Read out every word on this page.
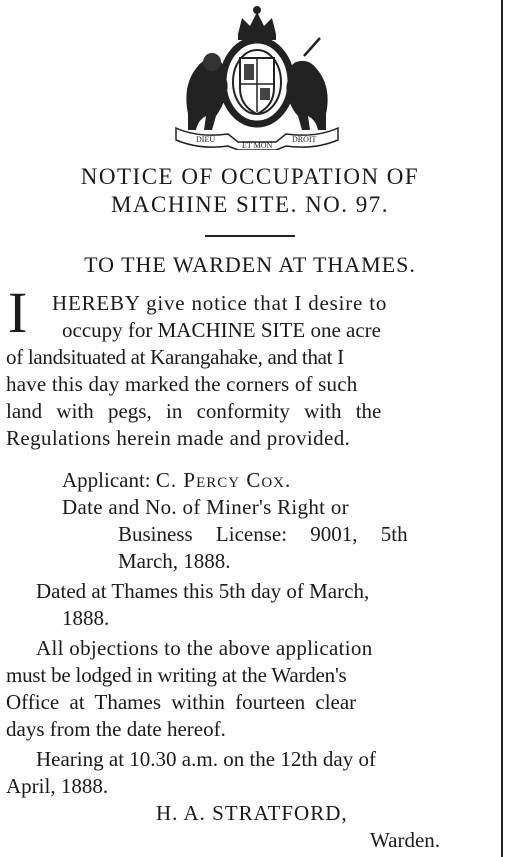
DIEU
ET MON
DROIT
NOTICE OF OCCUPATION OF
MACHINE SITE. NO. 97.
TO THE WARDEN AT THAMES.
I HEREBY give notice that I desire to
occupy for MACHINE SITE one acre
of landsituated at Karangahake, and that I
have this day marked the corners of such
land with pegs, in conformity with the
Regulations herein made and provided.
Applicant: C. Percy Cox.
Date and No. of Miner's Right or
Business License: 9001, 5th
March, 1888.
Dated at Thames this 5th day of March,
1888.
All objections to the above application
must be lodged in writing at the Warden's
Office at Thames within fourteen clear
days from the date hereof.
Hearing at 10.30 a.m. on the 12th day of
April, 1888.
H. A. STRATFORD,
Warden.
